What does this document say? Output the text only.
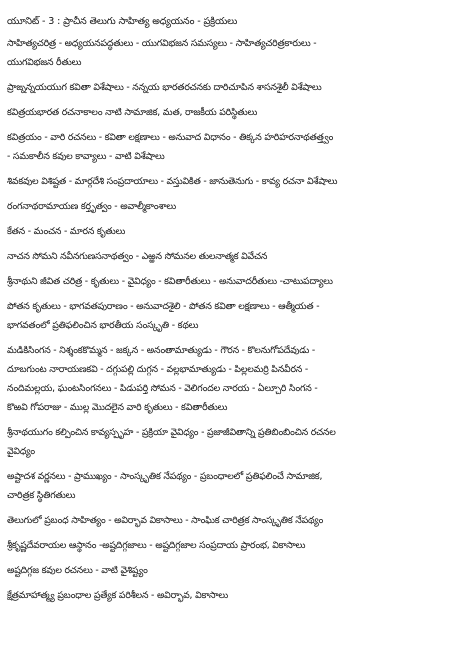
యూనిట్ - 3 : ప్రాచీన తెలుగు సాహిత్య అధ్యయనం - ప్రక్రియలు
సాహిత్యచరిత్ర - అధ్యయనపద్ధతులు - యుగవిభజన సమస్యలు - సాహిత్యచరిత్రకారులు -
యుగవిభజన రీతులు
ప్రాఙ్నన్నయయుగ కవితా విశేషాలు - నన్నయ భారతరచనకు దారిచూపిన శాసనశైలీ విశేషాలు
కవిత్రయభారత రచనాకాలం నాటి సామాజిక, మత, రాజకీయ పరిస్థితులు
కవిత్రయం - వారి రచనలు - కవితా లక్షణాలు - అనువాద విధానం - తిక్కన హరిహరనాథతత్త్వం
- సమకాలీన కవుల కావ్యాలు - వాటి విశేషాలు
శివకవుల విశిష్టత - మార్గదేశి సంప్రదాయాలు - వస్తువికిత - జానుతెనుగు - కావ్య రచనా విశేషాలు
రంగనాథరామాయణ కర్తృత్వం - అవాల్మీకాంశాలు
కేతన - మంచన - మారన కృతులు
నాచన సోమని నవీనగుణసనాథత్వం - ఎఱ్ఱన సోమనల తులనాత్మక వివేచన
శ్రీనాథుని జీవిత చరిత్ర - కృతులు - వైవిధ్యం - కవితారీతులు - అనువాదరీతులు -చాటుపద్యాలు
పోతన కృతులు - భాగవతపురాణం - అనువాదశైలి - పోతన కవితా లక్షణాలు - ఆత్మీయత -
భాగవతంలో ప్రతిఫలించిన భారతీయ సంస్కృతి - కథలు
మడికిసింగన - నిశ్శంకకొమ్మన - జక్కన - అనంతామాత్యుడు - గౌరన - కొలనుగోపదేవుడు -
దూబగుంట నారాయణకవి - దగ్గుపల్లి దుగ్గన - వల్లభామాత్యుడు - పిల్లలమర్రి పినవీరన -
నందిమల్లయ, ఘంటసింగనలు - పిడుపర్తి సోమన - వెలిగందల నారయ - ఏల్చూరి సింగన -
కొఱవి గోపరాజు - ముల్ల మొదలైన వారి కృతులు - కవితారీతులు
శ్రీనాథయుగం కల్పించిన కావ్యస్పృహ - ప్రక్రియా వైవిధ్యం - ప్రజాజీవితాన్ని ప్రతిబింబించిన రచనల
వైవిధ్యం
అష్టాదశ వర్ణనలు - ప్రాముఖ్యం - సాంస్కృతిక నేపథ్యం - ప్రబంధాలలో ప్రతిఫలించే సామాజిక,
చారిత్రక స్థితిగతులు
తెలుగులో ప్రబంధ సాహిత్యం - అవిర్భావ వికాసాలు - సాంఘిక చారిత్రక సాంస్కృతిక నేపథ్యం
శ్రీకృష్ణదేవరాయల ఆస్థానం -అష్టదిగ్గజాలు - అష్టదిగ్గజాల సంప్రదాయ ప్రారంభ, వికాసాలు
అష్టదిగ్గజ కవుల రచనలు - వాటి వైశిష్ట్యం
క్షేత్రమాహాత్మ్య ప్రబంధాల ప్రత్యేక పరిశీలన - అవిర్భావ, వికాసాలు
